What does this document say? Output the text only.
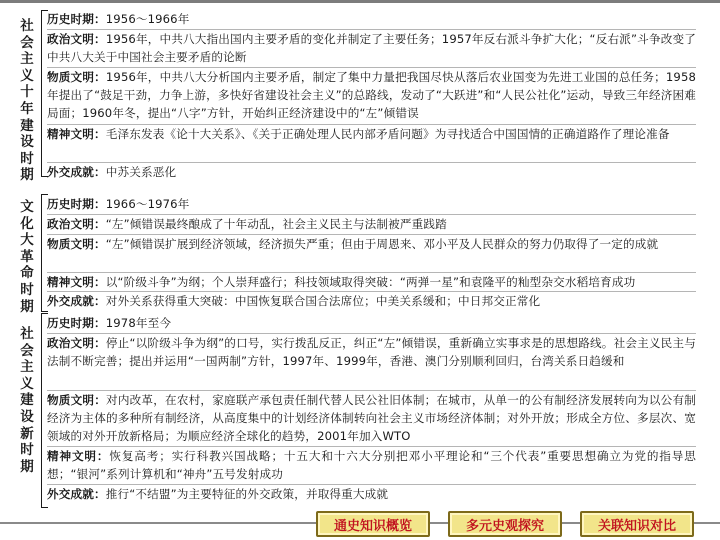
社
会
主
义
十
年
建
设
时
期
文
化
大
革
命
时
期
社
会
主
义
建
设
新
时
期
历史时期：1956～1966年
政治文明：1956年，中共八大指出国内主要矛盾的变化并制定了主要任务；1957年反右派斗争扩大化；“反右派”斗争改变了中共八大关于中国社会主要矛盾的论断
物质文明：1956年，中共八大分析国内主要矛盾，制定了集中力量把我国尽快从落后农业国变为先进工业国的总任务；1958年提出了“鼓足干劲，力争上游，多快好省建设社会主义”的总路线，发动了“大跃进”和“人民公社化”运动，导致三年经济困难局面；1960年冬，提出“八字”方针，开始纠正经济建设中的“左”倾错误
精神文明：毛泽东发表《论十大关系》、《关于正确处理人民内部矛盾问题》为寻找适合中国国情的正确道路作了理论准备
外交成就：中苏关系恶化
历史时期：1966～1976年
政治文明：“左”倾错误最终酿成了十年动乱，社会主义民主与法制被严重践踏
物质文明：“左”倾错误扩展到经济领域，经济损失严重；但由于周恩来、邓小平及人民群众的努力仍取得了一定的成就
精神文明：以“阶级斗争”为纲；个人崇拜盛行；科技领域取得突破：“两弹一星”和袁隆平的籼型杂交水稻培育成功
外交成就：对外关系获得重大突破：中国恢复联合国合法席位；中美关系缓和；中日邦交正常化
历史时期：1978年至今
政治文明：停止“以阶级斗争为纲”的口号，实行拨乱反正，纠正“左”倾错误，重新确立实事求是的思想路线。社会主义民主与法制不断完善；提出并运用“一国两制”方针，1997年、1999年，香港、澳门分别顺利回归，台湾关系日趋缓和
物质文明：对内改革，在农村，家庭联产承包责任制代替人民公社旧体制；在城市，从单一的公有制经济发展转向为以公有制经济为主体的多种所有制经济，从高度集中的计划经济体制转向社会主义市场经济体制；对外开放；形成全方位、多层次、宽领域的对外开放新格局；为顺应经济全球化的趋势，2001年加入WTO
精神文明：恢复高考；实行科教兴国战略；十五大和十六大分别把邓小平理论和“三个代表”重要思想确立为党的指导思想；“银河”系列计算机和“神舟”五号发射成功
外交成就：推行“不结盟”为主要特征的外交政策，并取得重大成就
通史知识概览	多元史观探究	关联知识对比
